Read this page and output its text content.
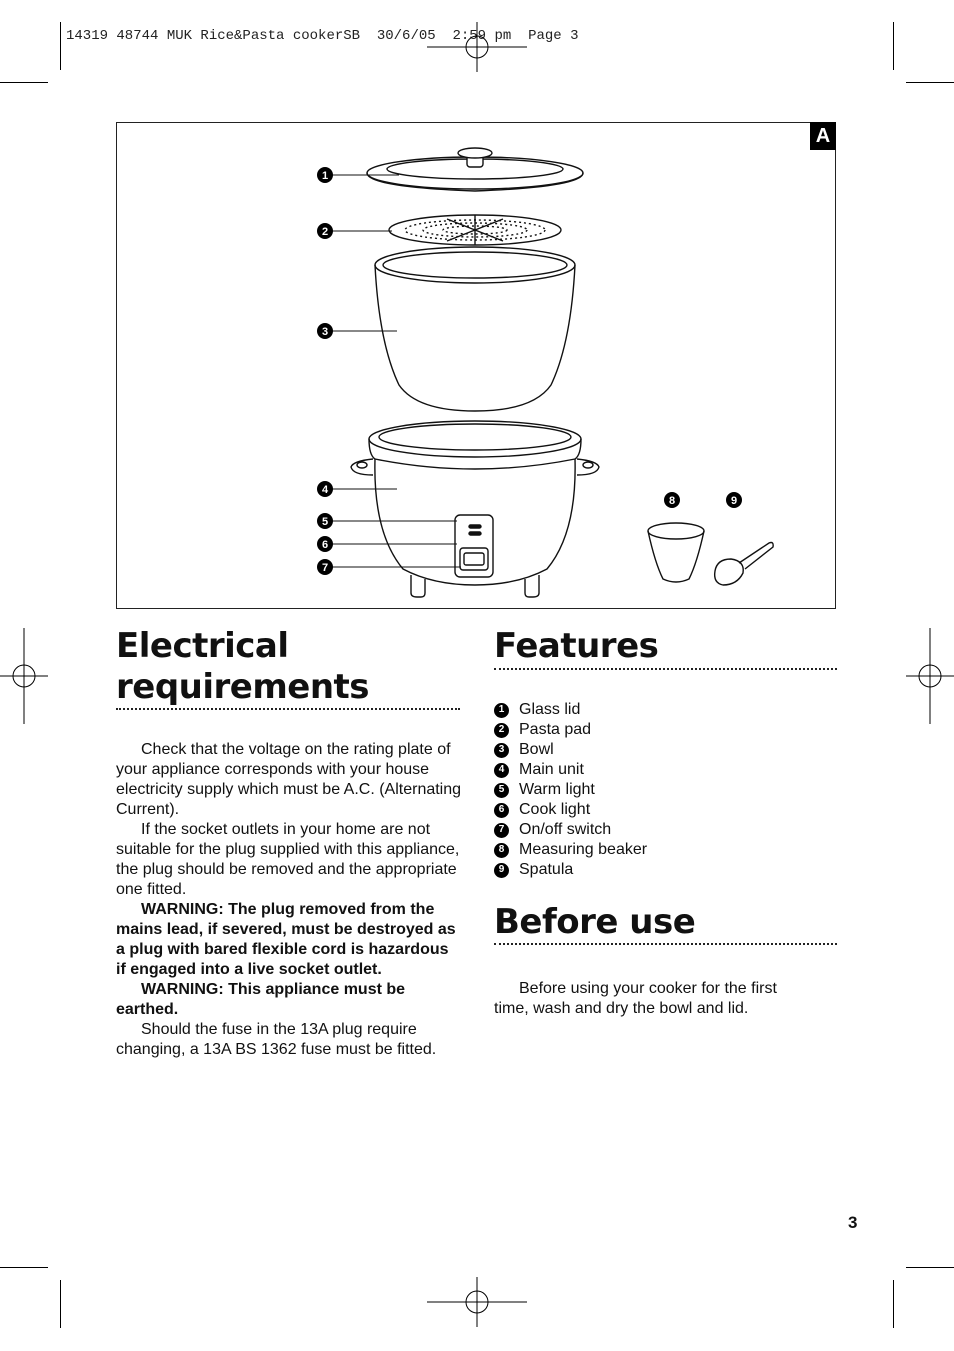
14319 48744 MUK Rice&Pasta cookerSB  30/6/05  2:59 pm  Page 3
A
1
2
3
4
5
6
7
8	9
Electrical
requirements

Check that the voltage on the rating plate of your appliance corresponds with your house electricity supply which must be A.C. (Alternating Current).

If the socket outlets in your home are not suitable for the plug supplied with this appliance, the plug should be removed and the appropriate one fitted.

WARNING: The plug removed from the mains lead, if severed, must be destroyed as a plug with bared flexible cord is hazardous if engaged into a live socket outlet.

WARNING: This appliance must be earthed.

Should the fuse in the 13A plug require changing, a 13A BS 1362 fuse must be fitted.

Features
1 Glass lid
2 Pasta pad
3 Bowl
4 Main unit
5 Warm light
6 Cook light
7 On/off switch
8 Measuring beaker
9 Spatula
Before use

Before using your cooker for the first time, wash and dry the bowl and lid.

3
